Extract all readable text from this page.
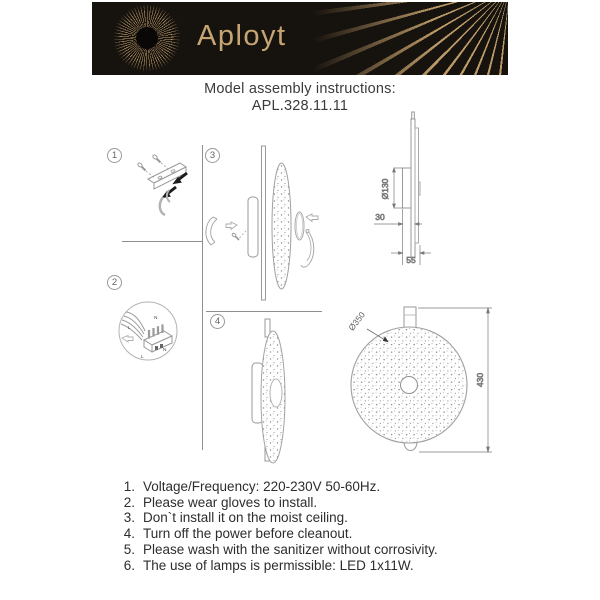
Aployt
Model assembly instructions:
APL.328.11.11
1
2
3
4
N
L
N
L
Ø130
30
55
Ø350
430
1. Voltage/Frequency: 220-230V 50-60Hz.
2. Please wear gloves to install.
3. Don`t install it on the moist ceiling.
4. Turn off the power before cleanout.
5. Please wash with the sanitizer without corrosivity.
6. The use of lamps is permissible: LED 1x11W.
